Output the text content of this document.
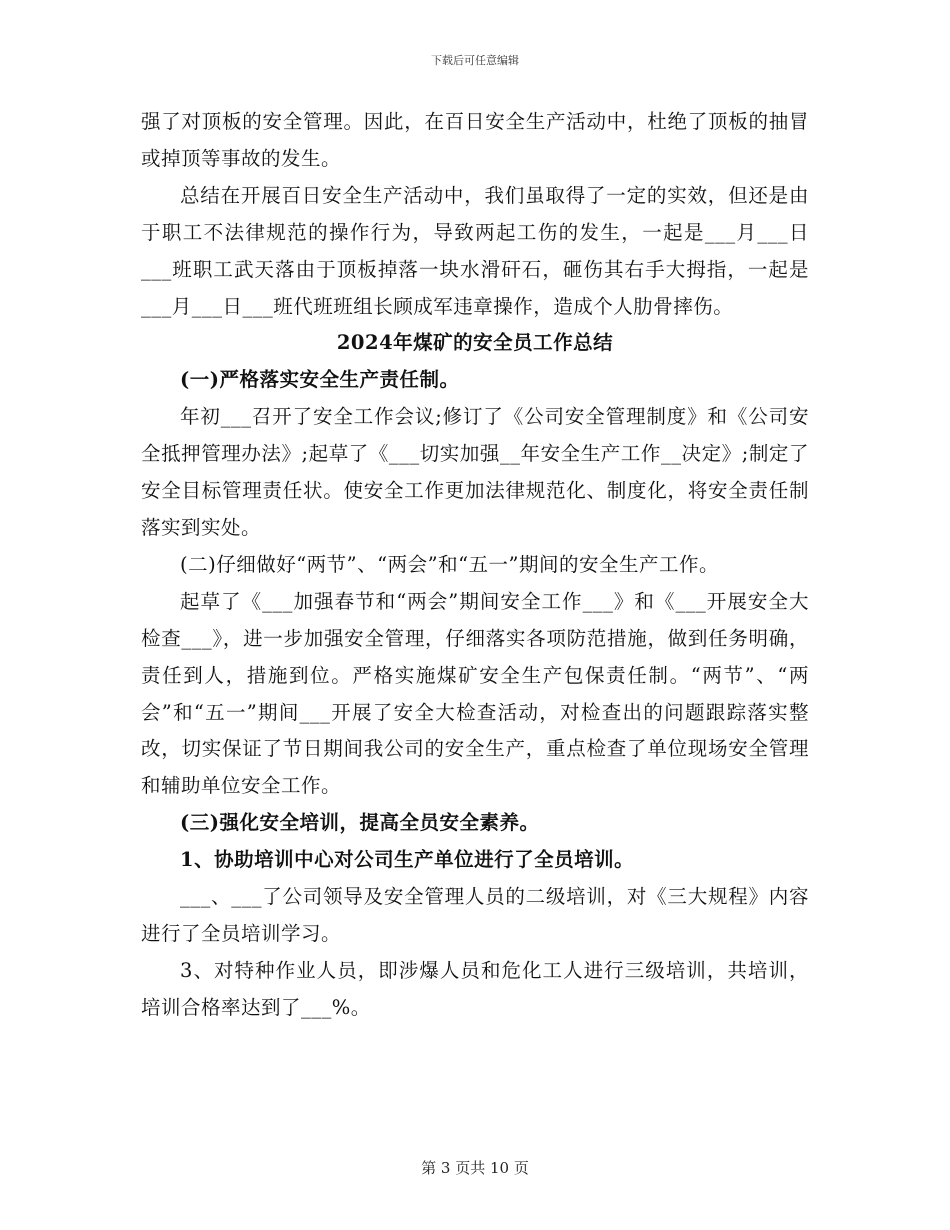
下载后可任意编辑

强了对顶板的安全管理。因此，在百日安全生产活动中，杜绝了顶板的抽冒或掉顶等事故的发生。

总结在开展百日安全生产活动中，我们虽取得了一定的实效，但还是由于职工不法律规范的操作行为，导致两起工伤的发生，一起是___月___日___班职工武天落由于顶板掉落一块水滑矸石，砸伤其右手大拇指，一起是___月___日___班代班班组长顾成军违章操作，造成个人肋骨摔伤。

2024年煤矿的安全员工作总结

(一)严格落实安全生产责任制。

年初___召开了安全工作会议;修订了《公司安全管理制度》和《公司安全抵押管理办法》;起草了《___切实加强__年安全生产工作__决定》;制定了安全目标管理责任状。使安全工作更加法律规范化、制度化，将安全责任制落实到实处。

(二)仔细做好“两节”、“两会”和“五一”期间的安全生产工作。

起草了《___加强春节和“两会”期间安全工作___》和《___开展安全大检查___》，进一步加强安全管理，仔细落实各项防范措施，做到任务明确，责任到人，措施到位。严格实施煤矿安全生产包保责任制。“两节”、“两会”和“五一”期间___开展了安全大检查活动，对检查出的问题跟踪落实整改，切实保证了节日期间我公司的安全生产，重点检查了单位现场安全管理和辅助单位安全工作。

(三)强化安全培训，提高全员安全素养。

1、协助培训中心对公司生产单位进行了全员培训。

___、___了公司领导及安全管理人员的二级培训，对《三大规程》内容进行了全员培训学习。

3、对特种作业人员，即涉爆人员和危化工人进行三级培训，共培训，培训合格率达到了___%。

第 3 页共 10 页
